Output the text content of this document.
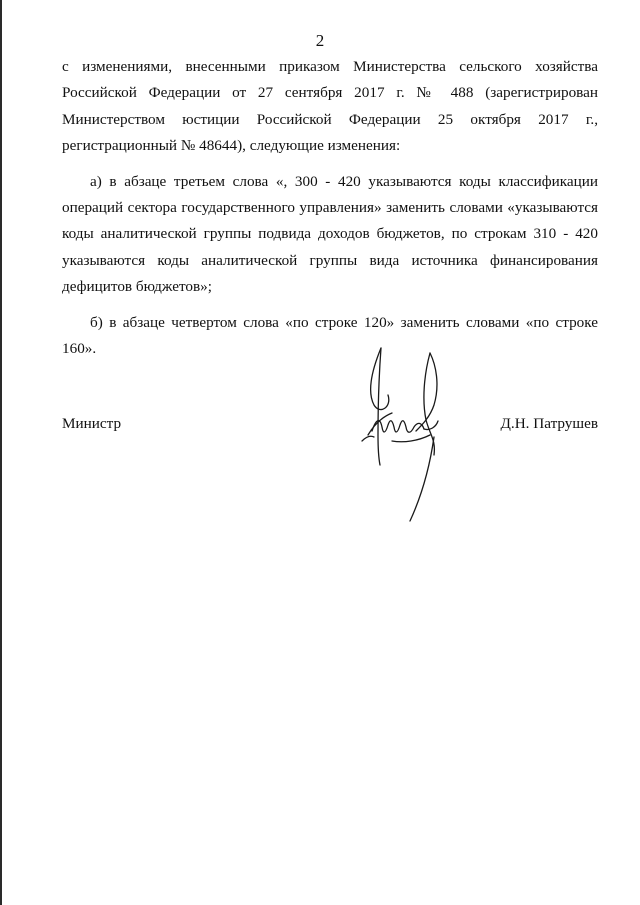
2

с изменениями, внесенными приказом Министерства сельского хозяйства Российской Федерации от 27 сентября 2017 г. № 488 (зарегистрирован Министерством юстиции Российской Федерации 25 октября 2017 г., регистрационный № 48644), следующие изменения:

а) в абзаце третьем слова «, 300 - 420 указываются коды классификации операций сектора государственного управления» заменить словами «указываются коды аналитической группы подвида доходов бюджетов, по строкам 310 - 420 указываются коды аналитической группы вида источника финансирования дефицитов бюджетов»;

б) в абзаце четвертом слова «по строке 120» заменить словами «по строке 160».

Министр	Д.Н. Патрушев
